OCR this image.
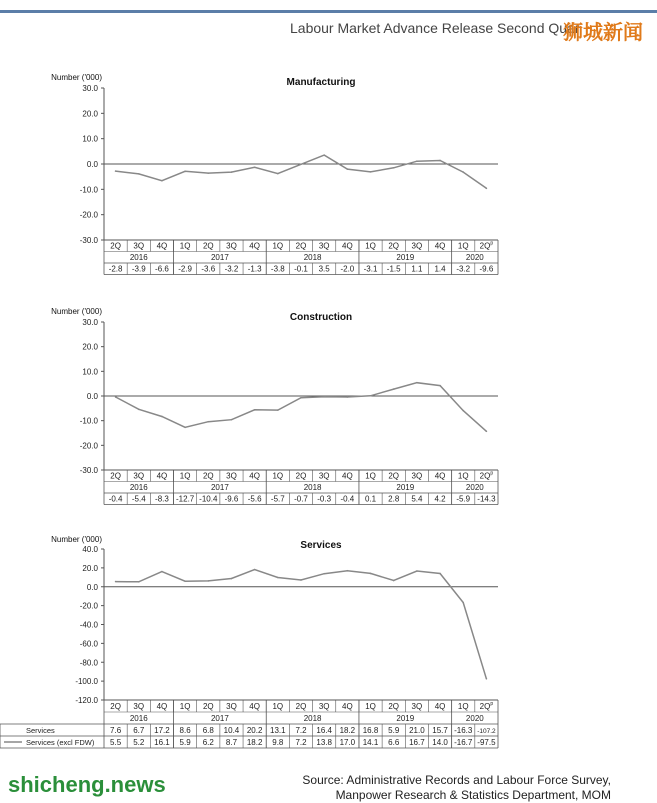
Labour Market Advance Release Second Quar
狮城新闻
Manufacturing
Number ('000)
30.0
20.0
10.0
0.0
-10.0
-20.0
-30.0
2Q 3Q 4Q 1Q 2Q 3Q 4Q 1Q 2Q 3Q 4Q 1Q 2Q 3Q 4Q 1Q $2Q^p$
2016	2017	2018	2019	2020
-2.8 -3.9 -6.6 -2.9 -3.6 -3.2 -1.3 -3.8 -0.1 3.5 -2.0 -3.1 -1.5 1.1 1.4 -3.2 -9.6
Construction
Number ('000)
30.0
20.0
10.0
0.0
-10.0
-20.0
-30.0
2Q 3Q 4Q 1Q 2Q 3Q 4Q 1Q 2Q 3Q 4Q 1Q 2Q 3Q 4Q 1Q $2Q^p$
2016	2017	2018	2019	2020
-0.4 -5.4 -8.3 -12.7 -10.4 -9.6 -5.6 -5.7 -0.7 -0.3 -0.4 0.1 2.8 5.4 4.2 -5.9 -14.3
Services
Number ('000)
40.0
20.0
0.0
-20.0
-40.0
-60.0
-80.0
-100.0
-120.0
2Q 3Q 4Q 1Q 2Q 3Q 4Q 1Q 2Q 3Q 4Q 1Q 2Q 3Q 4Q 1Q $2Q^p$
2016	2017	2018	2019	2020
Services	7.6 6.7 17.2 8.6 6.8 10.4 20.2 13.1 7.2 16.4 18.2 16.8 5.9 21.0 15.7 -16.3 -107.2
Services (excl FDW) 5.5 5.2 16.1 5.9 6.2 8.7 18.2 9.8 7.2 13.8 17.0 14.1 6.6 16.7 14.0 -16.7 -97.5
shicheng.news	Source: Administrative Records and Labour Force Survey,
Manpower Research & Statistics Department, MOM
